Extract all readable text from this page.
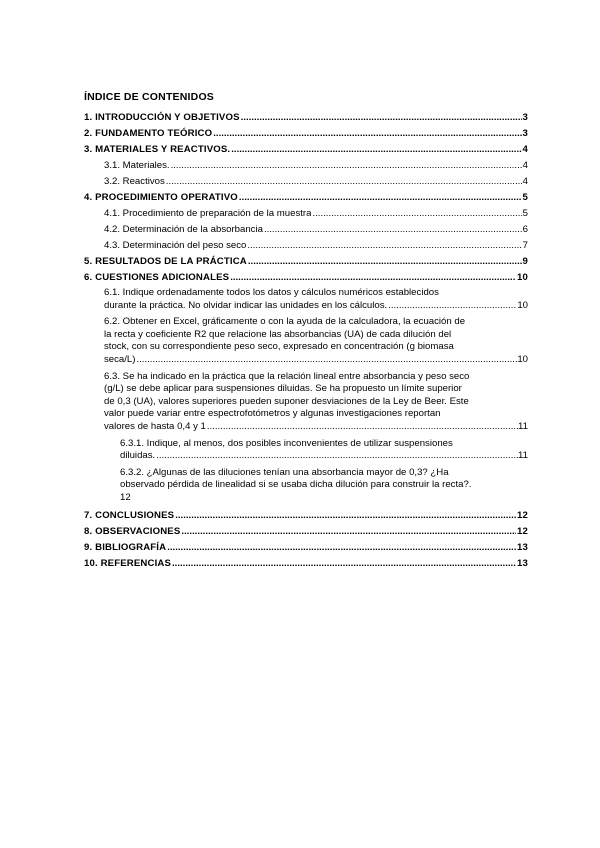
ÍNDICE DE CONTENIDOS
1. INTRODUCCIÓN Y OBJETIVOS .....	3
2. FUNDAMENTO TEÓRICO .....	3
3. MATERIALES Y REACTIVOS. .....	4
3.1. Materiales. .....	4
3.2. Reactivos .....	4
4. PROCEDIMIENTO OPERATIVO .....	5
4.1. Procedimiento de preparación de la muestra .....	5
4.2. Determinación de la absorbancia .....	6
4.3. Determinación del peso seco .....	7
5. RESULTADOS DE LA PRÁCTICA .....	9
6. CUESTIONES ADICIONALES .....	10
6.1. Indique ordenadamente todos los datos y cálculos numéricos establecidos
durante la práctica. No olvidar indicar las unidades en los cálculos. .....	10
6.2. Obtener en Excel, gráficamente o con la ayuda de la calculadora, la ecuación de
la recta y coeficiente R2 que relacione las absorbancias (UA) de cada dilución del
stock, con su correspondiente peso seco, expresado en concentración (g biomasa
seca/L) .....	10
6.3. Se ha indicado en la práctica que la relación lineal entre absorbancia y peso seco
(g/L) se debe aplicar para suspensiones diluidas. Se ha propuesto un límite superior
de 0,3 (UA), valores superiores pueden suponer desviaciones de la Ley de Beer. Este
valor puede variar entre espectrofotómetros y algunas investigaciones reportan
valores de hasta 0,4 y 1 .....	11
6.3.1. Indique, al menos, dos posibles inconvenientes de utilizar suspensiones
diluidas. .....	11
6.3.2. ¿Algunas de las diluciones tenían una absorbancia mayor de 0,3? ¿Ha
observado pérdida de linealidad si se usaba dicha dilución para construir la recta?.
12
7. CONCLUSIONES .....	12
8. OBSERVACIONES .....	12
9. BIBLIOGRAFÍA .....	13
10. REFERENCIAS .....	13
